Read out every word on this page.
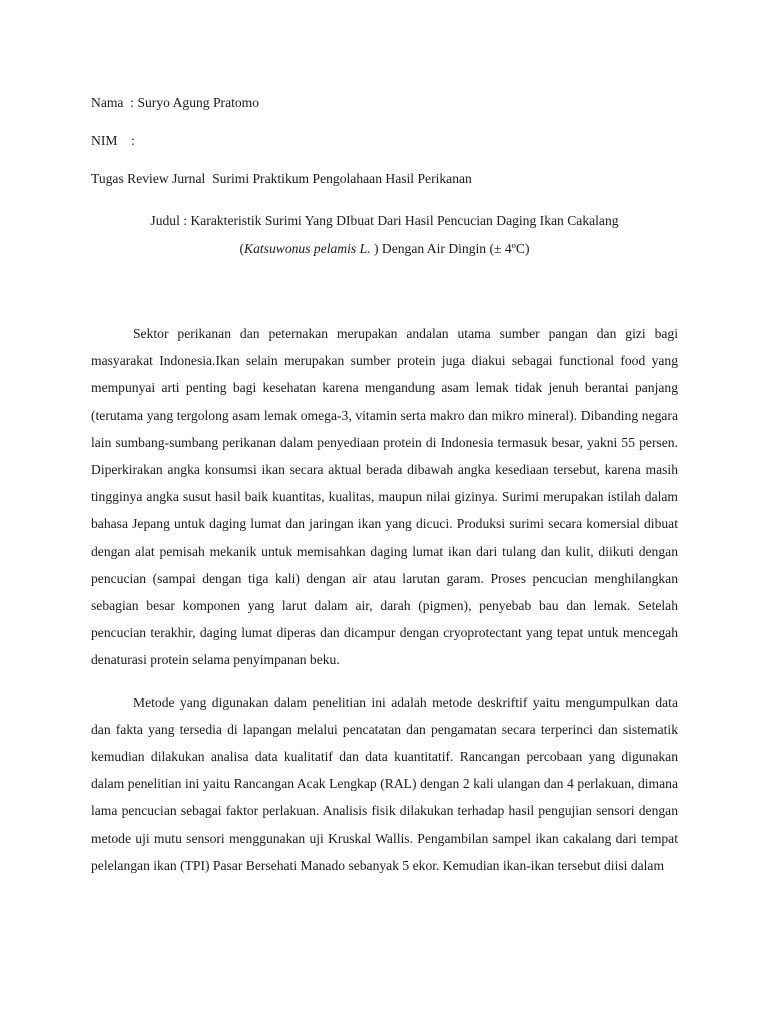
Nama  : Suryo Agung Pratomo
NIM    :
Tugas Review Jurnal  Surimi Praktikum Pengolahaan Hasil Perikanan
Judul : Karakteristik Surimi Yang DIbuat Dari Hasil Pencucian Daging Ikan Cakalang
(Katsuwonus pelamis L. ) Dengan Air Dingin (± 4ºC)

Sektor perikanan dan peternakan merupakan andalan utama sumber pangan dan gizi bagi masyarakat Indonesia.Ikan selain merupakan sumber protein juga diakui sebagai functional food yang mempunyai arti penting bagi kesehatan karena mengandung asam lemak tidak jenuh berantai panjang (terutama yang tergolong asam lemak omega-3, vitamin serta makro dan mikro mineral). Dibanding negara lain sumbang-sumbang perikanan dalam penyediaan protein di Indonesia termasuk besar, yakni 55 persen. Diperkirakan angka konsumsi ikan secara aktual berada dibawah angka kesediaan tersebut, karena masih tingginya angka susut hasil baik kuantitas, kualitas, maupun nilai gizinya. Surimi merupakan istilah dalam bahasa Jepang untuk daging lumat dan jaringan ikan yang dicuci. Produksi surimi secara komersial dibuat dengan alat pemisah mekanik untuk memisahkan daging lumat ikan dari tulang dan kulit, diikuti dengan pencucian (sampai dengan tiga kali) dengan air atau larutan garam. Proses pencucian menghilangkan sebagian besar komponen yang larut dalam air, darah (pigmen), penyebab bau dan lemak. Setelah pencucian terakhir, daging lumat diperas dan dicampur dengan cryoprotectant yang tepat untuk mencegah denaturasi protein selama penyimpanan beku.

Metode yang digunakan dalam penelitian ini adalah metode deskriftif yaitu mengumpulkan data dan fakta yang tersedia di lapangan melalui pencatatan dan pengamatan secara terperinci dan sistematik kemudian dilakukan analisa data kualitatif dan data kuantitatif. Rancangan percobaan yang digunakan dalam penelitian ini yaitu Rancangan Acak Lengkap (RAL) dengan 2 kali ulangan dan 4 perlakuan, dimana lama pencucian sebagai faktor perlakuan. Analisis fisik dilakukan terhadap hasil pengujian sensori dengan metode uji mutu sensori menggunakan uji Kruskal Wallis. Pengambilan sampel ikan cakalang dari tempat pelelangan ikan (TPI) Pasar Bersehati Manado sebanyak 5 ekor. Kemudian ikan-ikan tersebut diisi dalam
